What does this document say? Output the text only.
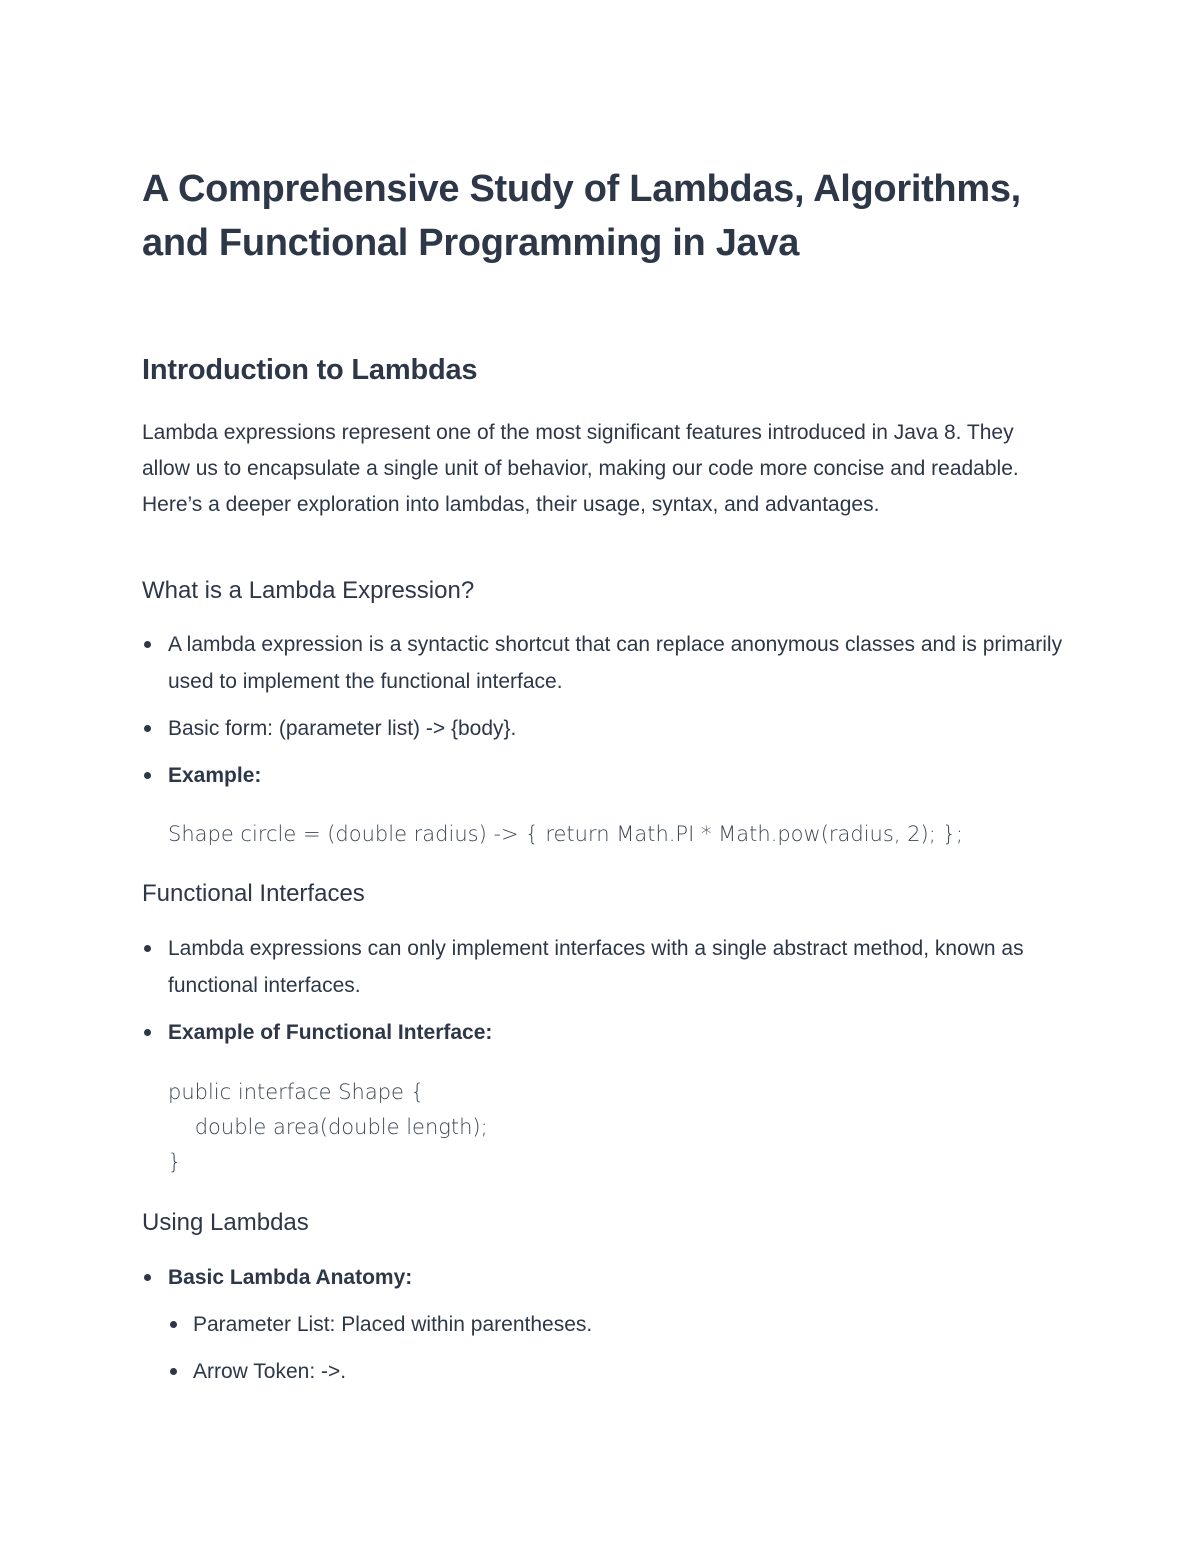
A Comprehensive Study of Lambdas, Algorithms, and Functional Programming in Java
Introduction to Lambdas

Lambda expressions represent one of the most significant features introduced in Java 8. They allow us to encapsulate a single unit of behavior, making our code more concise and readable. Here’s a deeper exploration into lambdas, their usage, syntax, and advantages.

What is a Lambda Expression?

A lambda expression is a syntactic shortcut that can replace anonymous classes and is primarily used to implement the functional interface.

Basic form: (parameter list) -> {body}.

Example:

Shape circle = (double radius) -> { return Math.PI * Math.pow(radius, 2); };
Functional Interfaces

Lambda expressions can only implement interfaces with a single abstract method, known as functional interfaces.

Example of Functional Interface:

public interface Shape {
double area(double length);
}
Using Lambdas

Basic Lambda Anatomy:

Parameter List: Placed within parentheses.

Arrow Token: ->.
